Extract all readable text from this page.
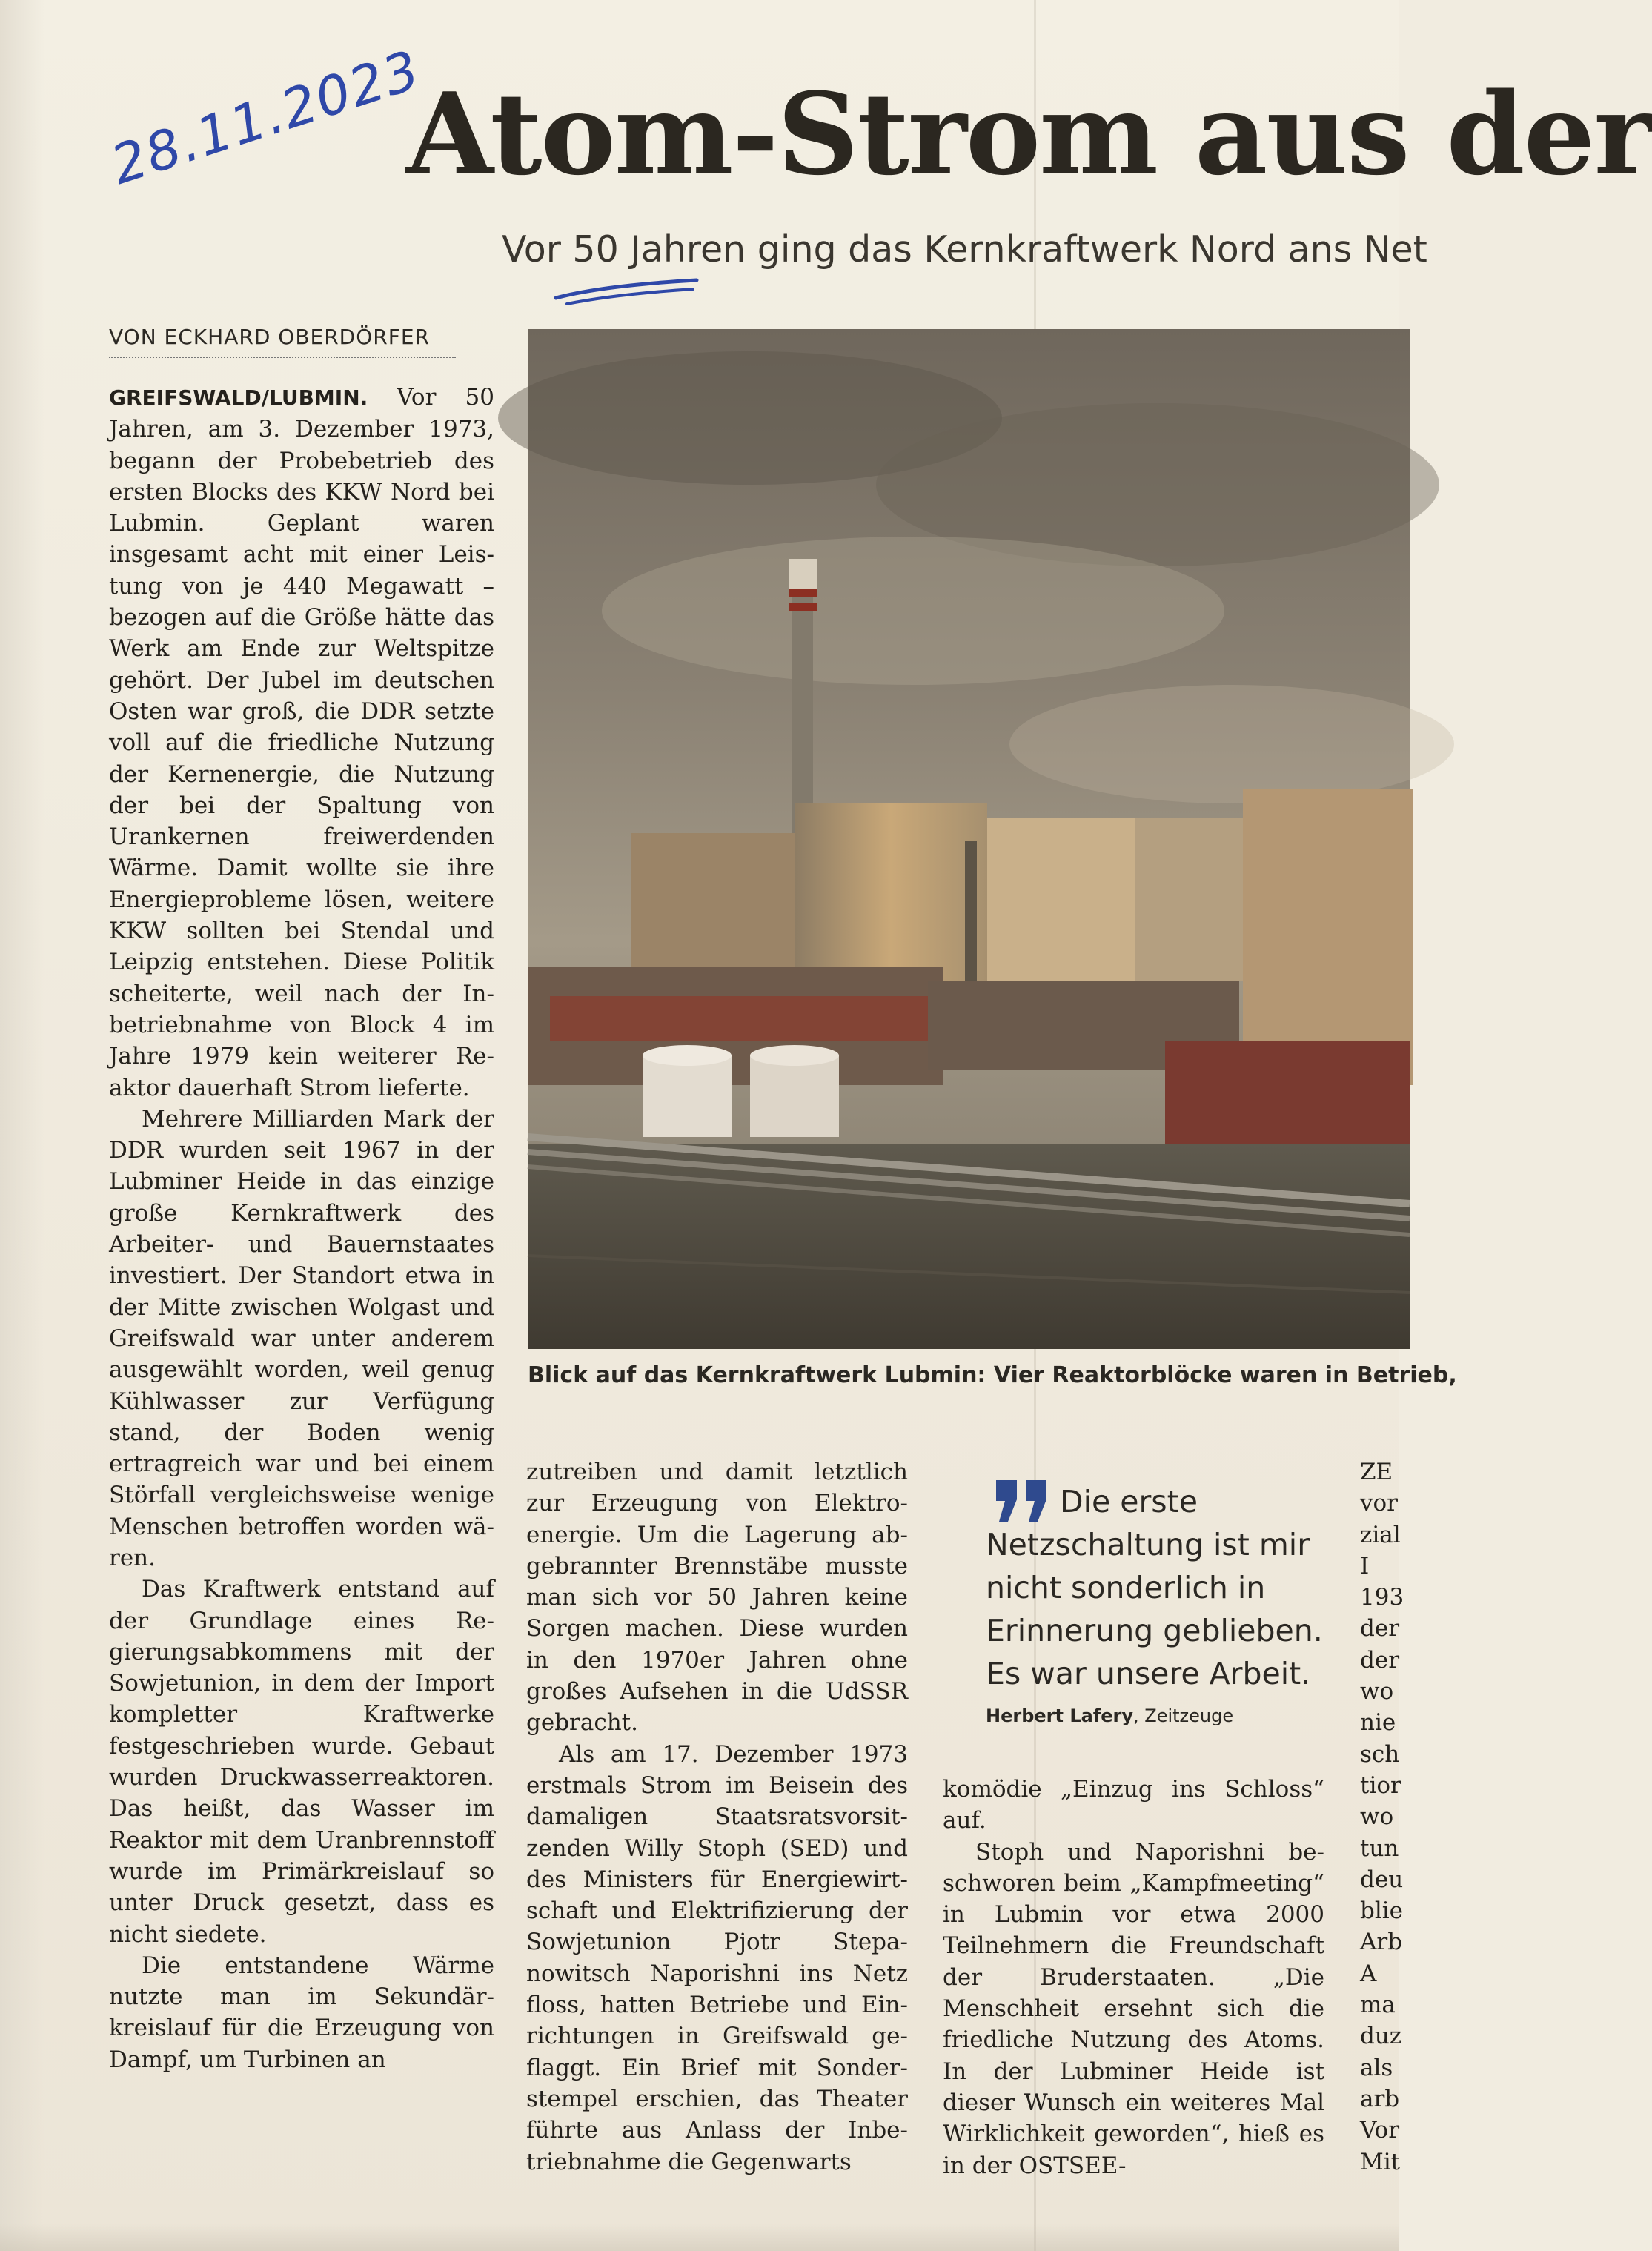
28.11.2023
Atom-Strom aus der
Vor 50 Jahren ging das Kernkraftwerk Nord ans Net
VON ECKHARD OBERDÖRFER

GREIFSWALD/LUBMIN. Vor 50 Jahren, am 3. Dezember 1973, begann der Probebetrieb des ersten Blocks des KKW Nord bei Lubmin. Geplant waren insgesamt acht mit einer Leistung von je 440 Megawatt – bezogen auf die Größe hätte das Werk am Ende zur Weltspitze gehört. Der Jubel im deutschen Osten war groß, die DDR setzte voll auf die friedliche Nutzung der Kernenergie, die Nutzung der bei der Spaltung von Urankernen freiwerdenden Wärme. Damit wollte sie ihre Energieprobleme lösen, weitere KKW sollten bei Stendal und Leipzig entstehen. Diese Politik scheiterte, weil nach der Inbetriebnahme von Block 4 im Jahre 1979 kein weiterer Reaktor dauerhaft Strom lieferte.

Mehrere Milliarden Mark der DDR wurden seit 1967 in der Lubminer Heide in das einzige große Kernkraftwerk des Arbeiter- und Bauernstaates investiert. Der Standort etwa in der Mitte zwischen Wolgast und Greifswald war unter anderem ausgewählt worden, weil genug Kühlwasser zur Verfügung stand, der Boden wenig ertragreich war und bei einem Störfall vergleichsweise wenige Menschen betroffen worden wären.

Das Kraftwerk entstand auf der Grundlage eines Regierungsabkommens mit der Sowjetunion, in dem der Import kompletter Kraftwerke festgeschrieben wurde. Gebaut wurden Druckwasserreaktoren. Das heißt, das Wasser im Reaktor mit dem Uranbrennstoff wurde im Primärkreislauf so unter Druck gesetzt, dass es nicht siedete.

Die entstandene Wärme nutzte man im Sekundärkreislauf für die Erzeugung von Dampf, um Turbinen an

Blick auf das Kernkraftwerk Lubmin: Vier Reaktorblöcke waren in Betrieb,

zutreiben und damit letztlich zur Erzeugung von Elektroenergie. Um die Lagerung abgebrannter Brennstäbe musste man sich vor 50 Jahren keine Sorgen machen. Diese wurden in den 1970er Jahren ohne großes Aufsehen in die UdSSR gebracht.

Als am 17. Dezember 1973 erstmals Strom im Beisein des damaligen Staatsratsvorsitzenden Willy Stoph (SED) und des Ministers für Energiewirtschaft und Elektrifizierung der Sowjetunion Pjotr Stepanowitsch Naporishni ins Netz floss, hatten Betriebe und Einrichtungen in Greifswald geflaggt. Ein Brief mit Sonderstempel erschien, das Theater führte aus Anlass der Inbetriebnahme die Gegenwarts

Die erste Netzschaltung ist mir nicht sonderlich in Erinnerung geblieben. Es war unsere Arbeit.

Herbert Lafery, Zeitzeuge

komödie „Einzug ins Schloss“ auf.

Stoph und Naporishni beschworen beim „Kampfmeeting“ in Lubmin vor etwa 2000 Teilnehmern die Freundschaft der Bruderstaaten. „Die Menschheit ersehnt sich die friedliche Nutzung des Atoms. In der Lubminer Heide ist dieser Wunsch ein weiteres Mal Wirklichkeit geworden“, hieß es in der OSTSEE-

ZE
vor
zial
I
193
der
der
wo
nie
sch
tior
wo
tun
deu
blie
Arb
A
ma
duz
als
arb
Vor
Mit
